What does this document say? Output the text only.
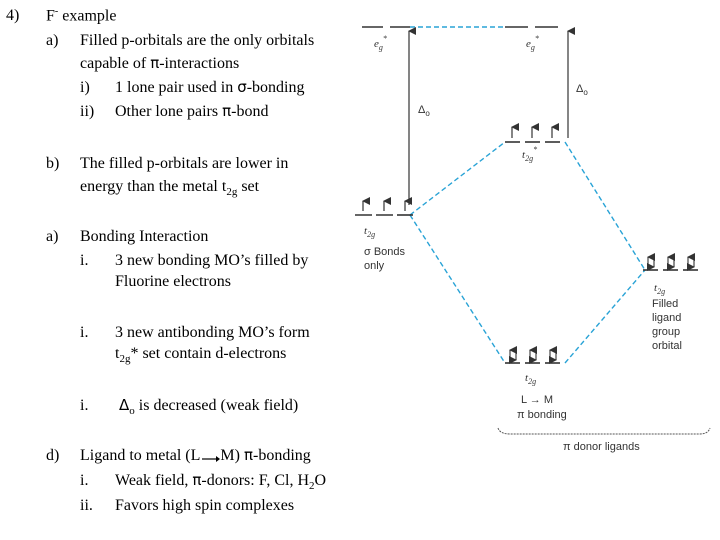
4) F- example
a) Filled p-orbitals are the only orbitals
capable of π-interactions
i) 1 lone pair used in σ-bonding
ii) Other lone pairs π-bond
b) The filled p-orbitals are lower in
energy than the metal $t_{2g}$ set
a) Bonding Interaction
i. 3 new bonding MO’s filled by
Fluorine electrons
i. 3 new antibonding MO’s form
$t_{2g}*$ set contain d-electrons
i. $\Delta_o$ is decreased (weak field)
d) Ligand to metal (L M) π-bonding
i. Weak field, π-donors: F, Cl, $H_2O$
ii. Favors high spin complexes
$e_g^*$
$\Delta_o$
$t_{2g}$
σ Bonds
only
$e_g^*$
$\Delta_o$
$t_{2g}^*$
$t_{2g}$
L → M
π bonding
$t_{2g}$
Filled
ligand
group
orbital
π donor ligands
